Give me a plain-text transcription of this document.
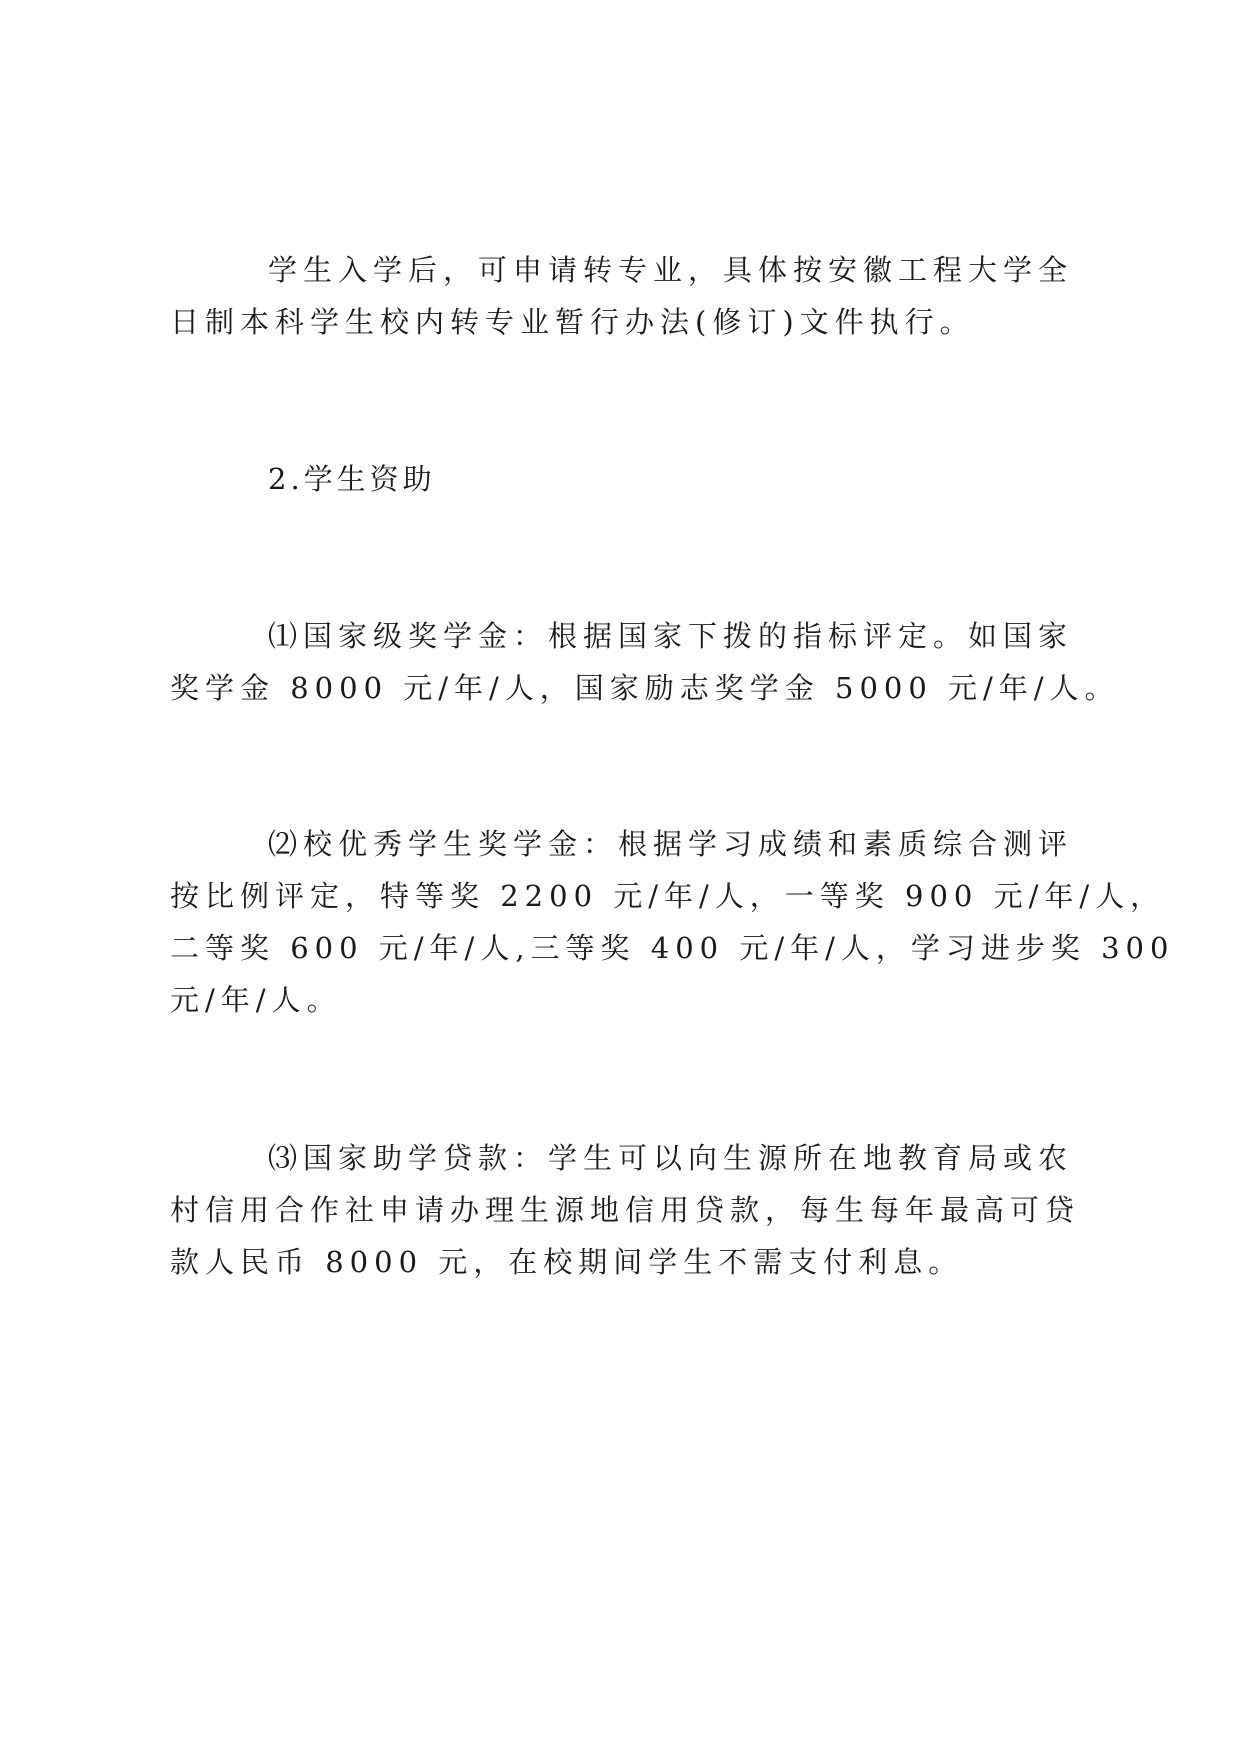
学生入学后，可申请转专业，具体按安徽工程大学全

日制本科学生校内转专业暂行办法(修订)文件执行。

2.学生资助

⑴国家级奖学金：根据国家下拨的指标评定。如国家

奖学金 8000 元/年/人，国家励志奖学金 5000 元/年/人。

⑵校优秀学生奖学金：根据学习成绩和素质综合测评

按比例评定，特等奖 2200 元/年/人，一等奖 900 元/年/人，

二等奖 600 元/年/人,三等奖 400 元/年/人，学习进步奖 300

元/年/人。

⑶国家助学贷款：学生可以向生源所在地教育局或农

村信用合作社申请办理生源地信用贷款，每生每年最高可贷

款人民币 8000 元，在校期间学生不需支付利息。
